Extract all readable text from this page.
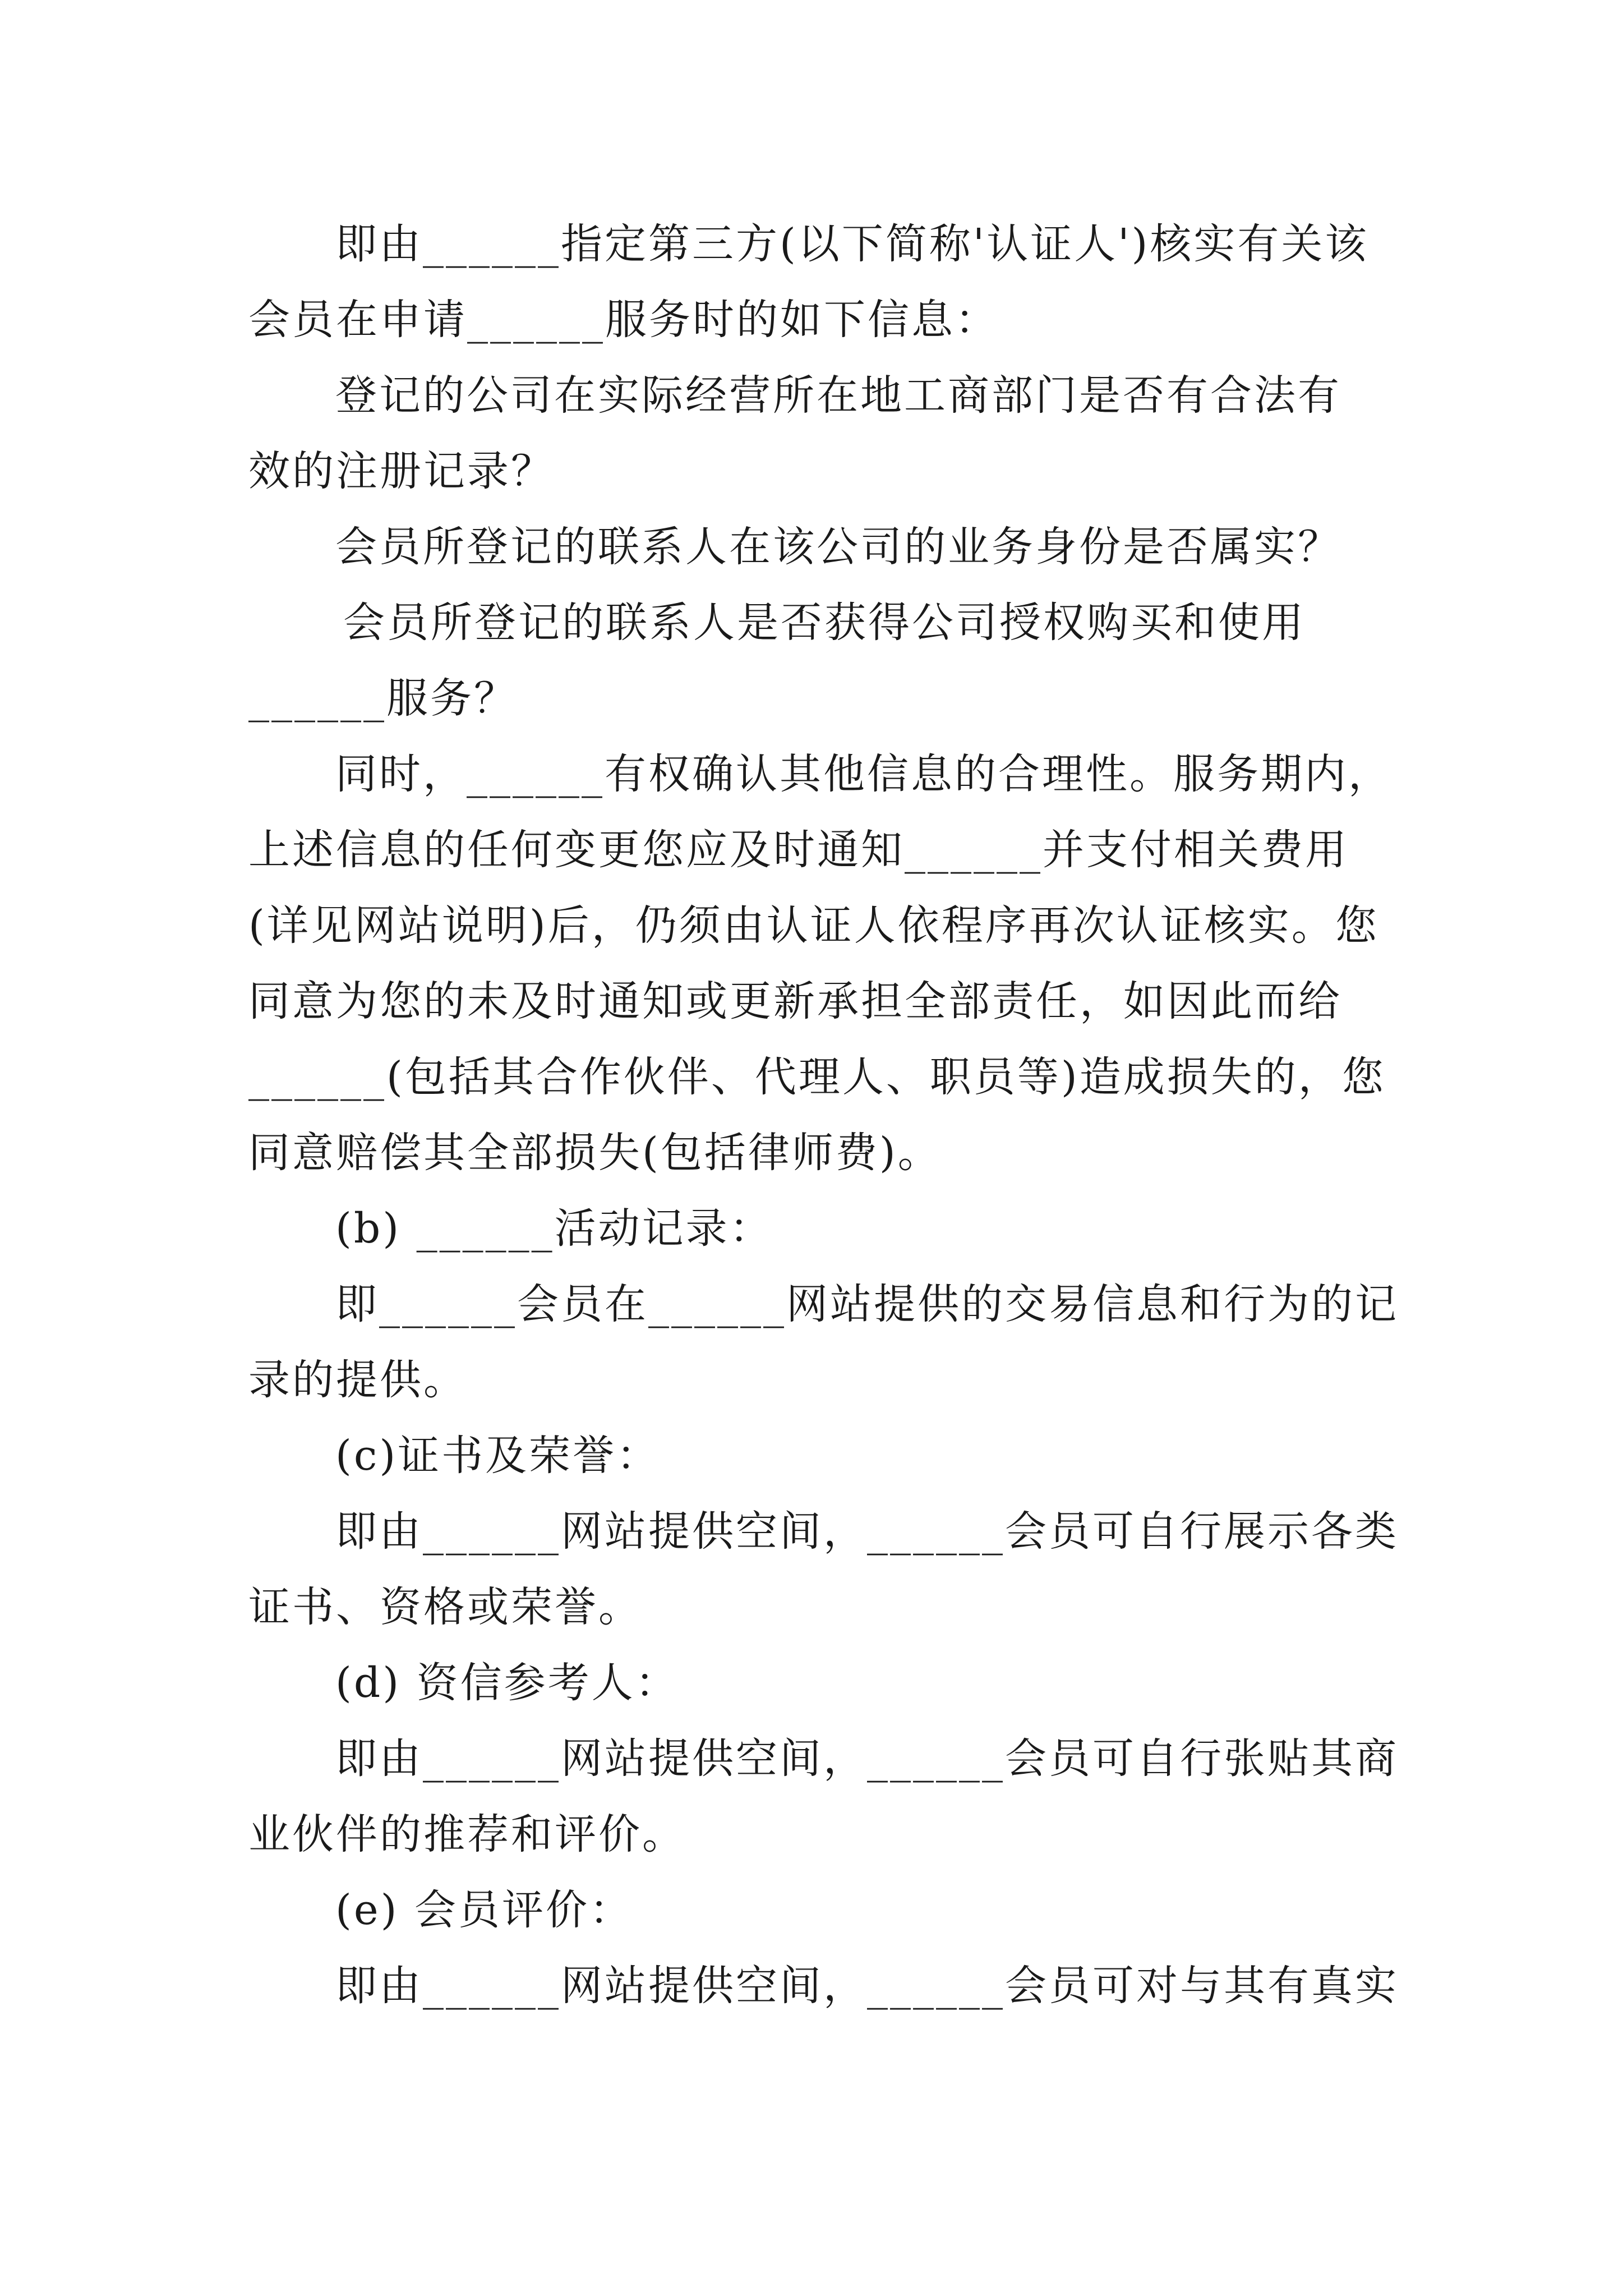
即由______指定第三方(以下简称'认证人')核实有关该
会员在申请______服务时的如下信息：
登记的公司在实际经营所在地工商部门是否有合法有
效的注册记录？
会员所登记的联系人在该公司的业务身份是否属实？
会员所登记的联系人是否获得公司授权购买和使用
______服务？
同时，______有权确认其他信息的合理性。服务期内，
上述信息的任何变更您应及时通知______并支付相关费用
(详见网站说明)后，仍须由认证人依程序再次认证核实。您
同意为您的未及时通知或更新承担全部责任，如因此而给
______(包括其合作伙伴、代理人、职员等)造成损失的，您
同意赔偿其全部损失(包括律师费)。
(b) ______活动记录：
即______会员在______网站提供的交易信息和行为的记
录的提供。
(c)证书及荣誉：
即由______网站提供空间，______会员可自行展示各类
证书、资格或荣誉。
(d) 资信参考人：
即由______网站提供空间，______会员可自行张贴其商
业伙伴的推荐和评价。
(e) 会员评价：
即由______网站提供空间，______会员可对与其有真实
